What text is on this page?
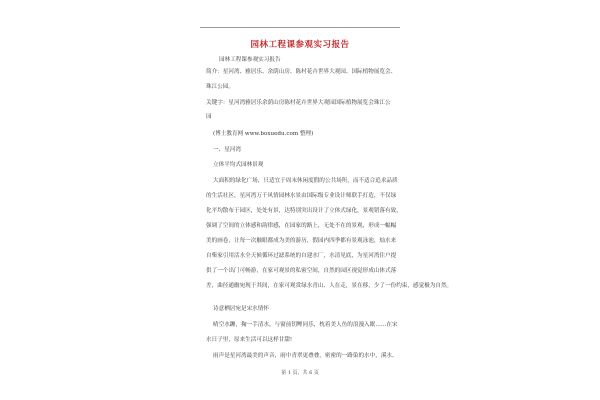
园林工程课参观实习报告
园林工程课参观实习报告
简介：星河湾、雅居乐、余荫山房、陈村花卉世界大观园、国际植物展览会、
珠江公园。
关键字：星河湾雅居乐余荫山房陈村花卉世界大观园国际植物展览会珠江公
园
(博士教育网 www.boxuedu.com 整理)
一、星河湾
立体平均式园林景观
大面积的绿化广场，只适宜于周末休闲度假的公共场所，而不适合追求品质
的生活社区，星河湾万千风情园林水景由国际级专业设计师联手打造，不仅绿
化平均散布于园区，处处有景，达特别突出设计了立体式绿化，景观错落有致，
强调了空间的立体感和韵律感，在园家的路上，无处不在的景观，形成一幅幅
美的画卷，让每一次触眼都成为美的游历，假园内四季都有景观泳池，灿水来
自柴家引用活水全天候循环过滤系统的自建水厂，水清见底，为星河湾住户提
供了一个出门可畅游，在家可观景的私密空间，自然的园区视觉形成山体式落
差，曲径通幽宛现于其间，在家可观赏绿水青山、人在走，景在移，少了一份约束，感觉极为自然。
诗意栖居宛是宋水情怀
晴空水躔，掬一手清水，与窗前钥鲤同乐，枕着美人鱼的浪漫入眠……在宋
水日子里，原来生活可以这样甘甜!
雨声是星河湾最美的声音，雨中青翠更叠叠，密密的一路染的水中，溪水、
第 1 页，共 6 页
